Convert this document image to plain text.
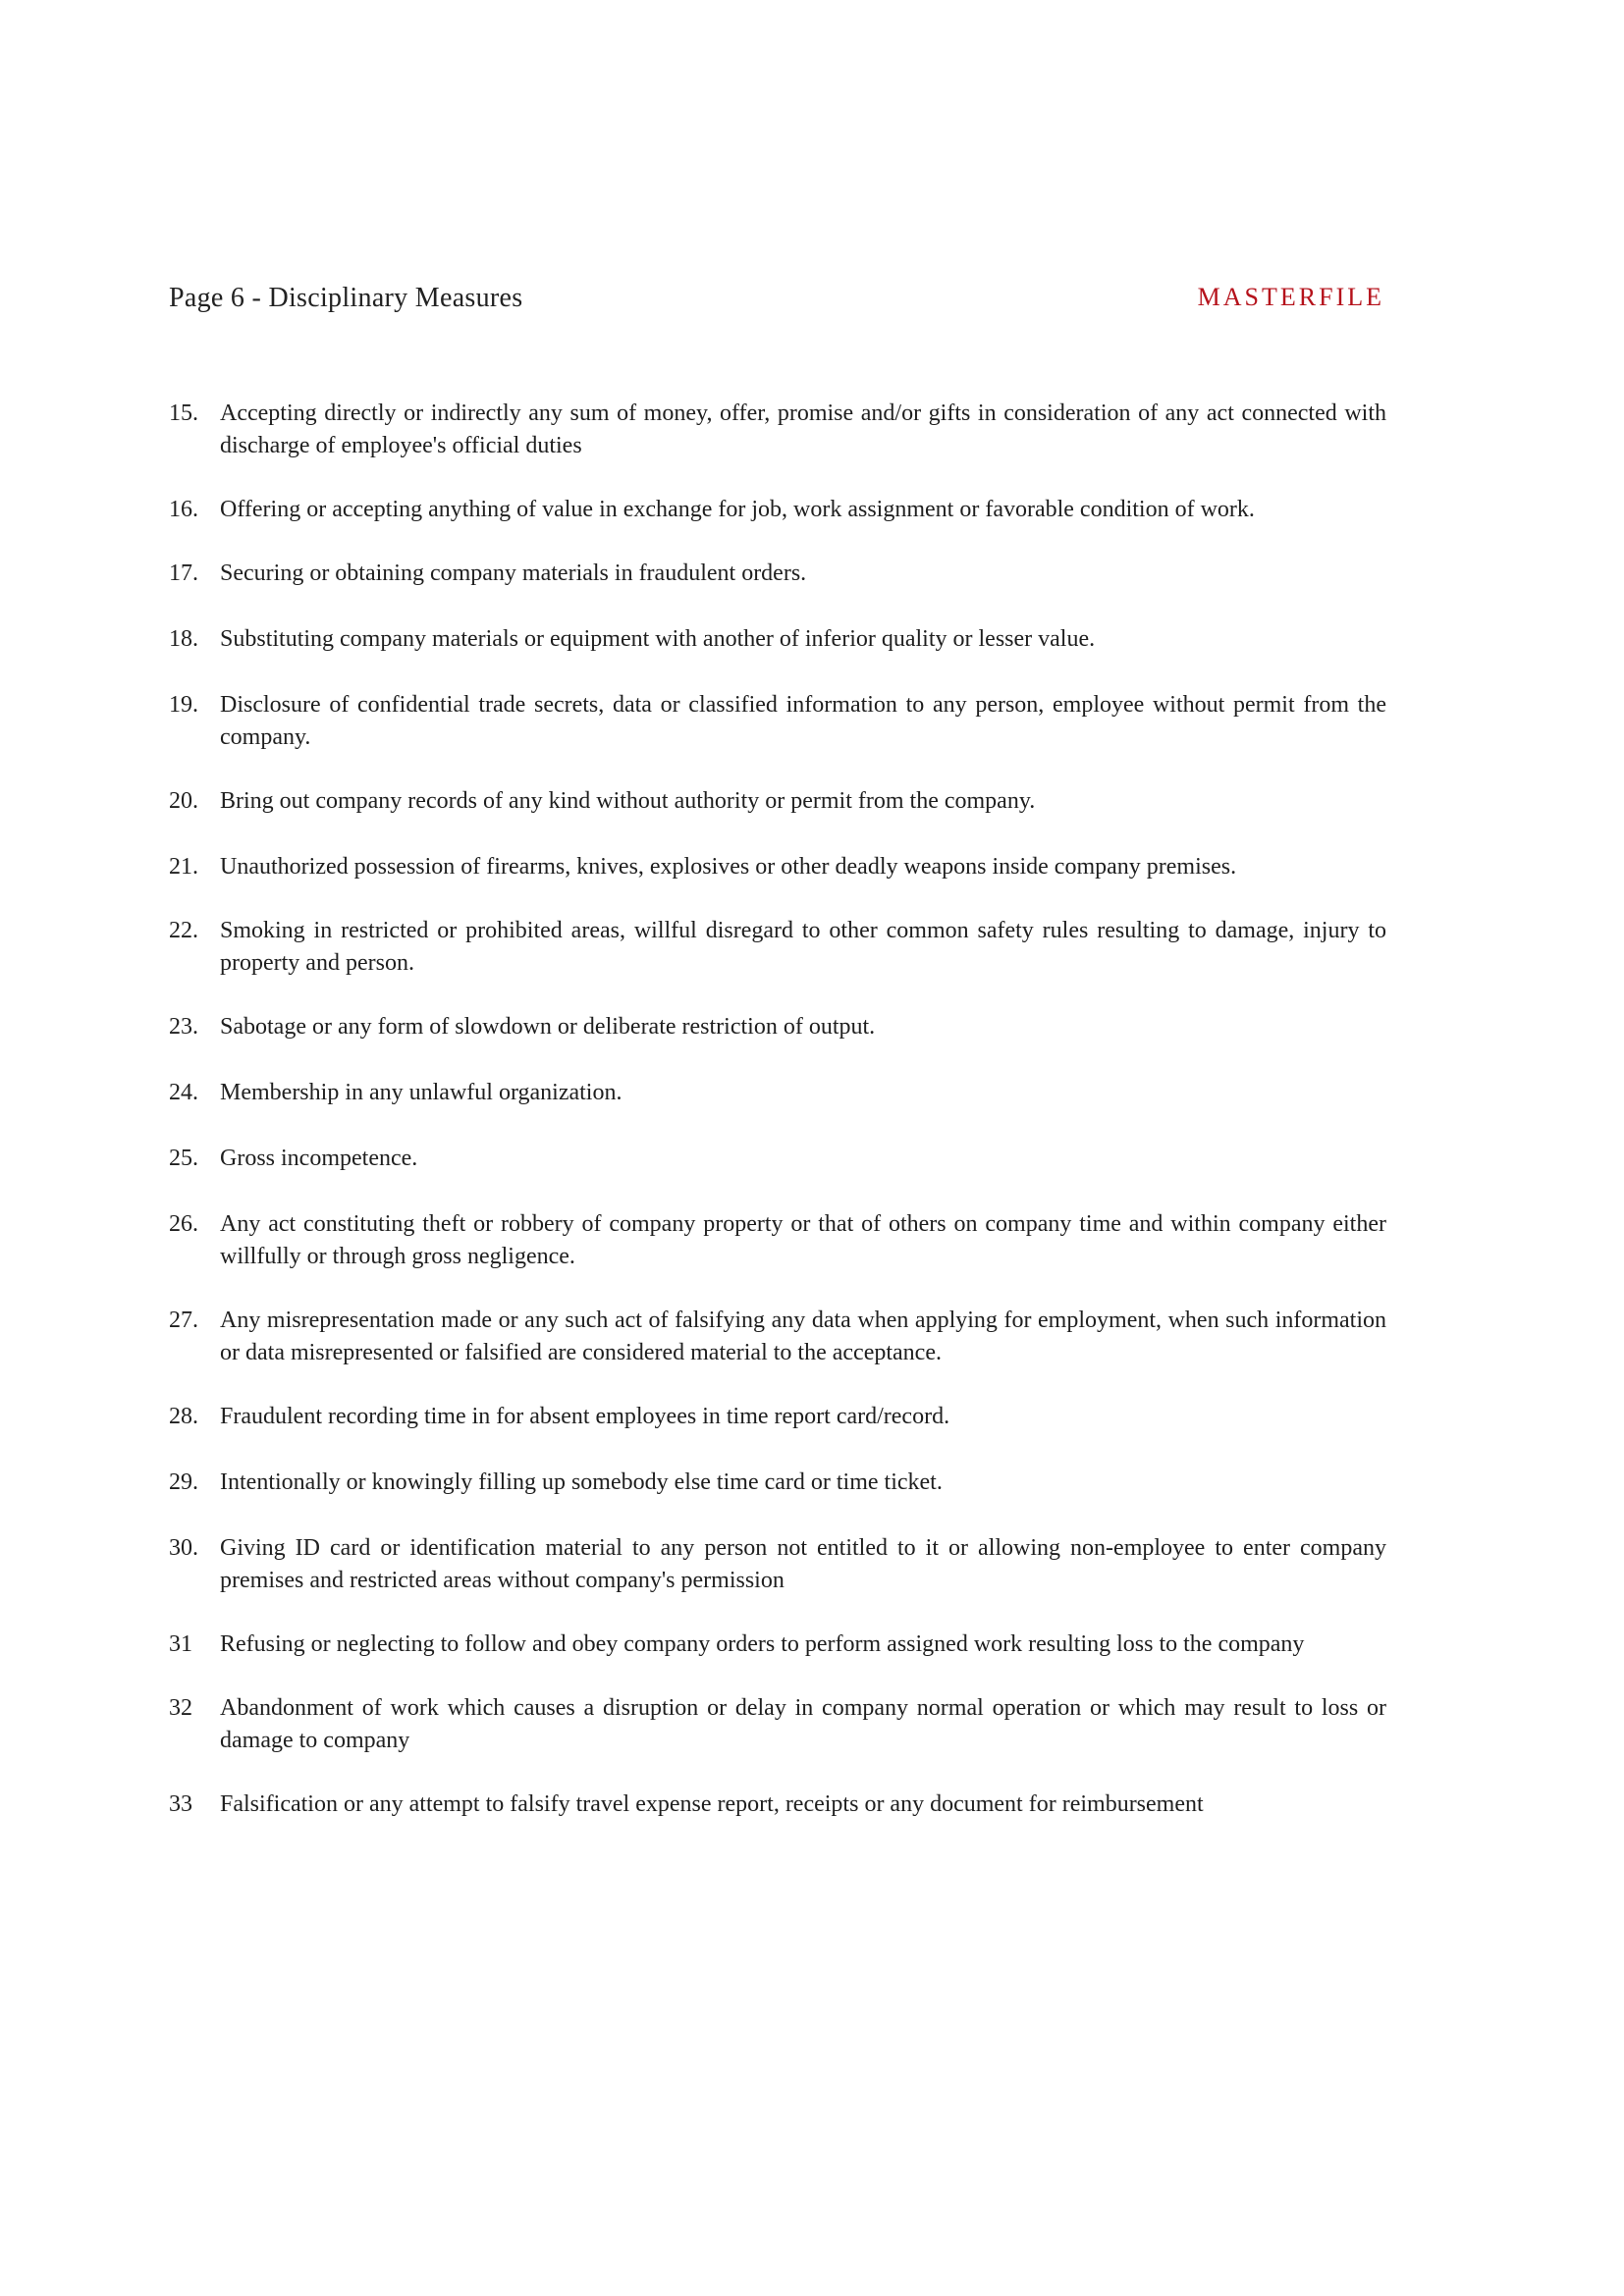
Page 6 - Disciplinary Measures	MASTERFILE
15. Accepting directly or indirectly any sum of money, offer, promise and/or gifts in consideration of any act connected with discharge of employee's official duties
16. Offering or accepting anything of value in exchange for job, work assignment or favorable condition of work.
17. Securing or obtaining company materials in fraudulent orders.
18. Substituting company materials or equipment with another of inferior quality or lesser value.
19. Disclosure of confidential trade secrets, data or classified information to any person, employee without permit from the company.
20. Bring out company records of any kind without authority or permit from the company.
21. Unauthorized possession of firearms, knives, explosives or other deadly weapons inside company premises.
22. Smoking in restricted or prohibited areas, willful disregard to other common safety rules resulting to damage, injury to property and person.
23. Sabotage or any form of slowdown or deliberate restriction of output.
24. Membership in any unlawful organization.
25. Gross incompetence.
26. Any act constituting theft or robbery of company property or that of others on company time and within company either willfully or through gross negligence.
27. Any misrepresentation made or any such act of falsifying any data when applying for employment, when such information or data misrepresented or falsified are considered material to the acceptance.
28. Fraudulent recording time in for absent employees in time report card/record.
29. Intentionally or knowingly filling up somebody else time card or time ticket.
30. Giving ID card or identification material to any person not entitled to it or allowing non-employee to enter company premises and restricted areas without company's permission
31	Refusing or neglecting to follow and obey company orders to perform assigned work resulting loss to the company
32	Abandonment of work which causes a disruption or delay in company normal operation or which may result to loss or damage to company
33	Falsification or any attempt to falsify travel expense report, receipts or any document for reimbursement
